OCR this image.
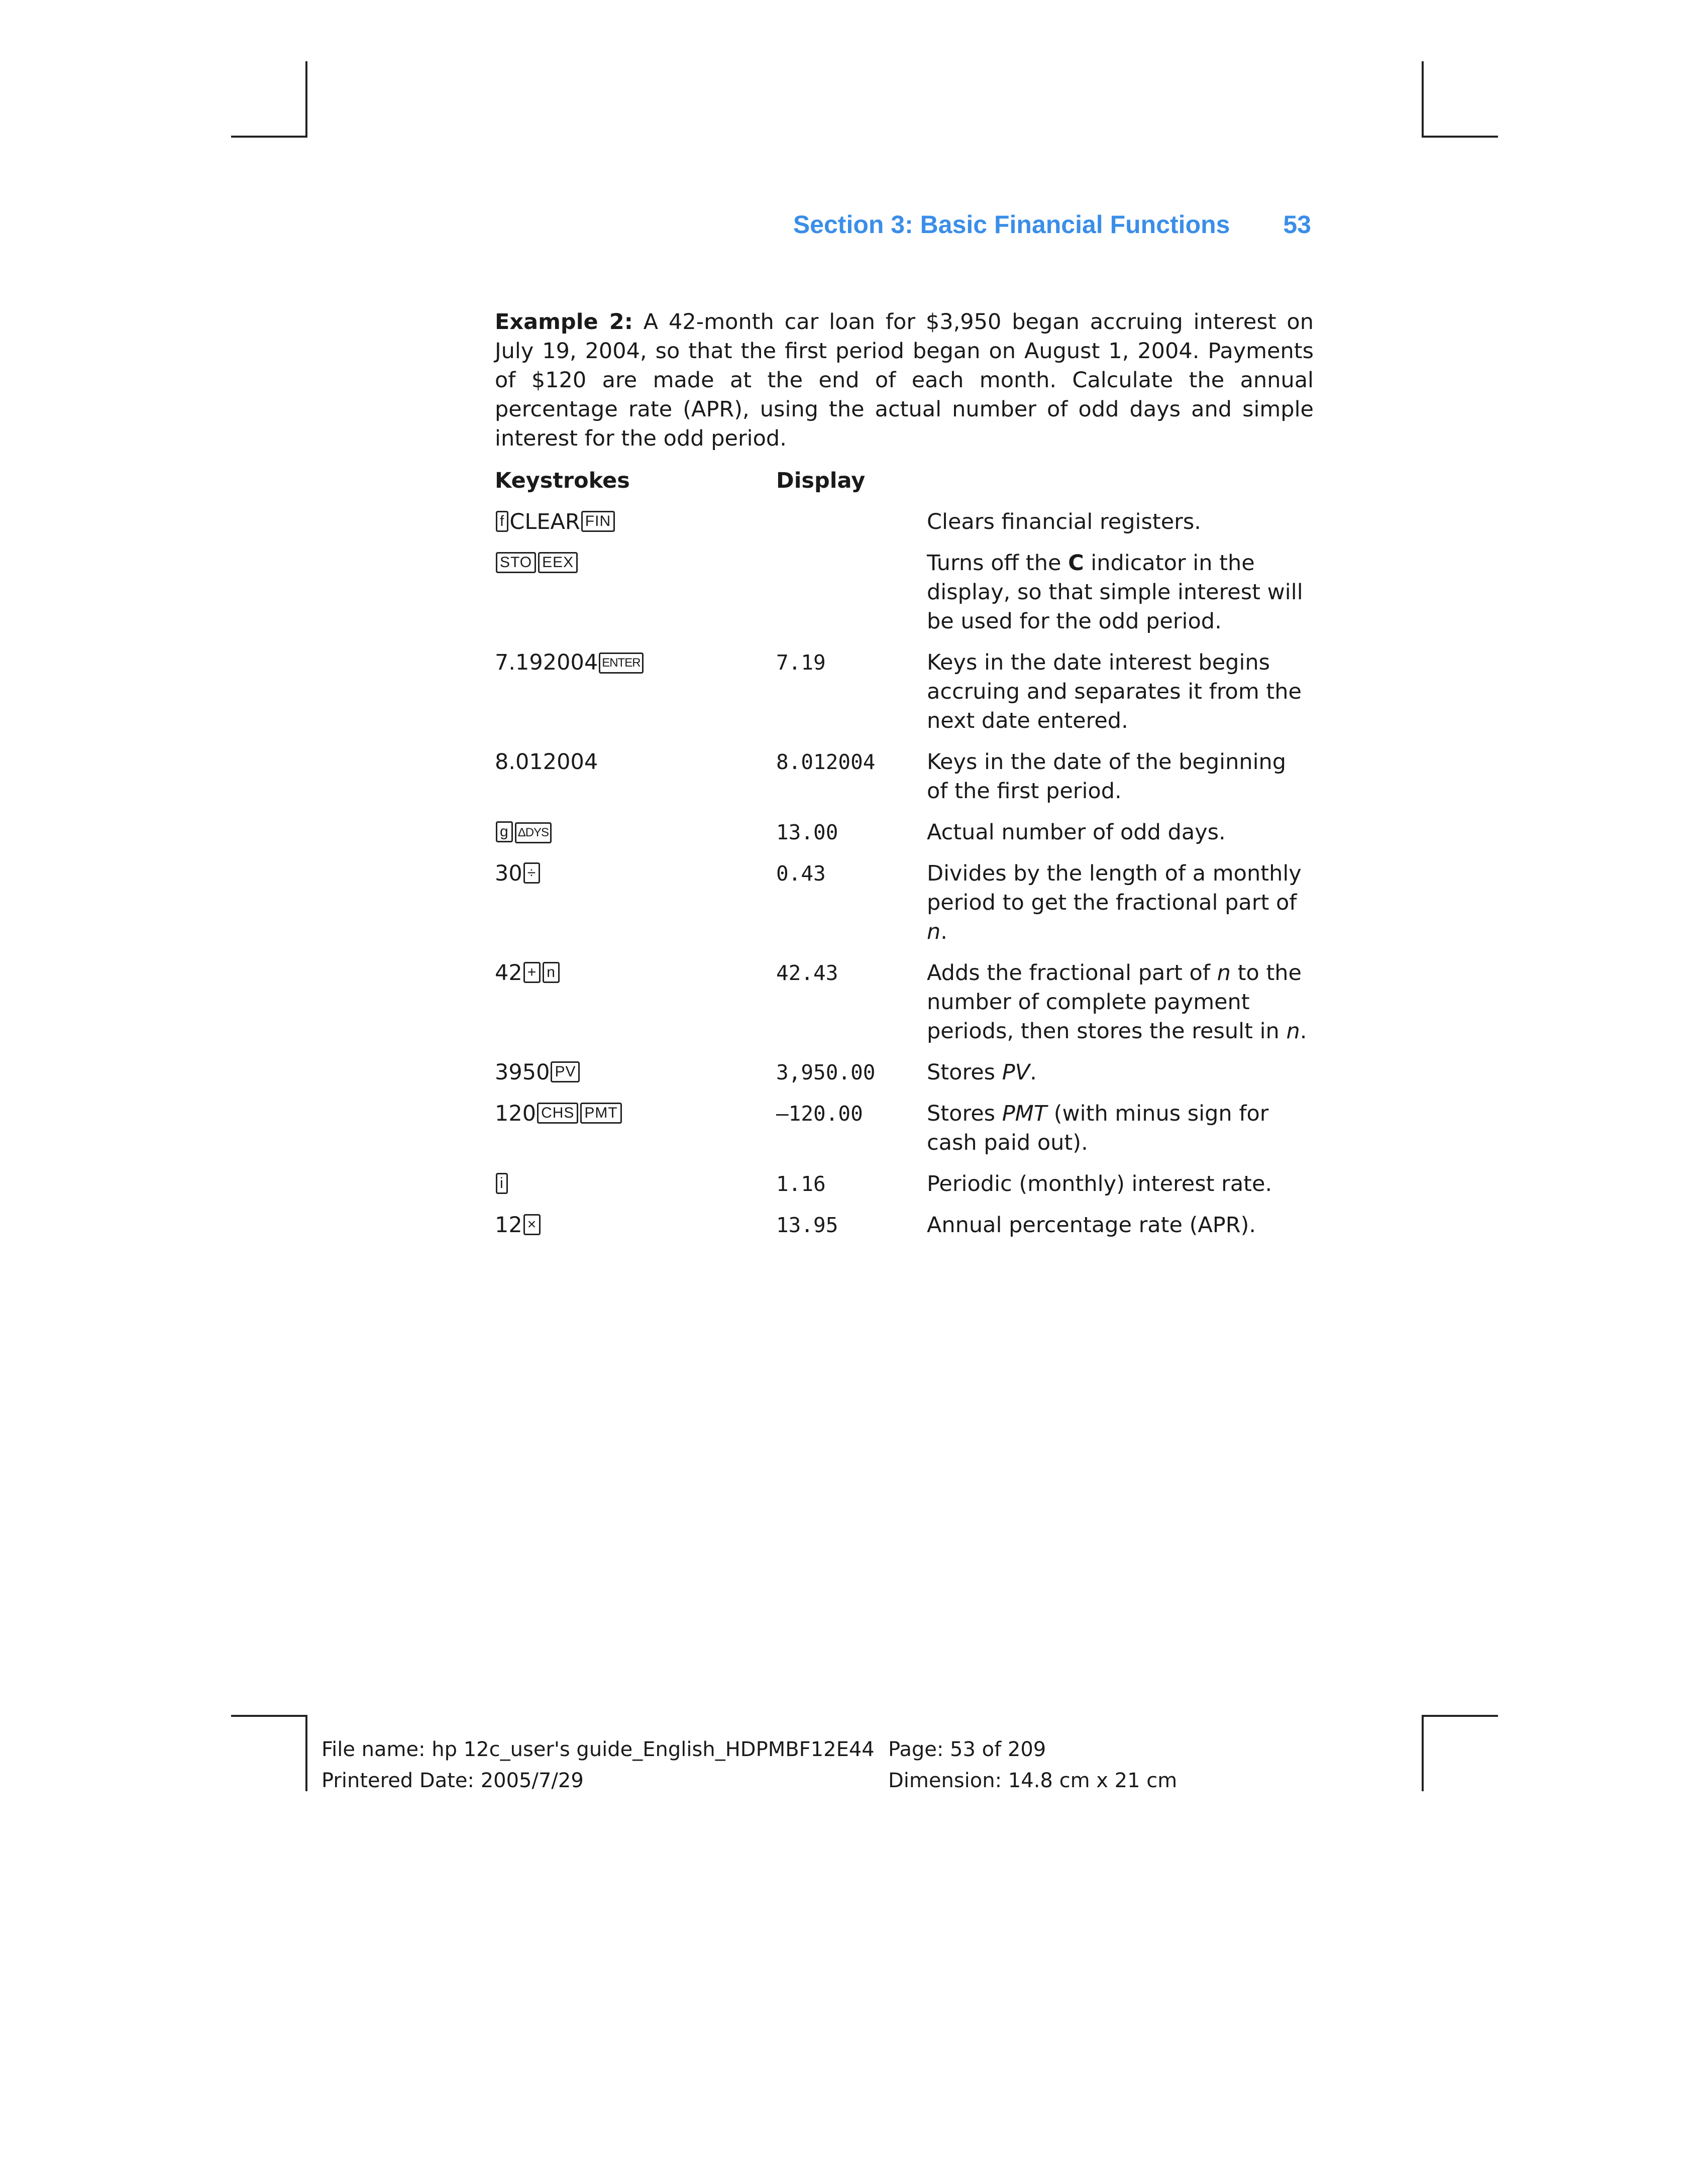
Section 3: Basic Financial Functions 53

Example 2: A 42-month car loan for $3,950 began accruing interest on July 19, 2004, so that the first period began on August 1, 2004. Payments of $120 are made at the end of each month. Calculate the annual percentage rate (APR), using the actual number of odd days and simple interest for the odd period.

Keystrokes	Display	
f CLEAR FIN		Clears financial registers.
STO EEX		Turns off the C indicator in the display, so that simple interest will be used for the odd period.
7.192004 ENTER	7.19	Keys in the date interest begins accruing and separates it from the next date entered.
8.012004	8.012004	Keys in the date of the beginning of the first period.
g ΔDYS	13.00	Actual number of odd days.
30 ÷	0.43	Divides by the length of a monthly period to get the fractional part of n.
42 + n	42.43	Adds the fractional part of n to the number of complete payment periods, then stores the result in n.
3950 PV	3,950.00	Stores PV.
120 CHS PMT	–120.00	Stores PMT (with minus sign for cash paid out).
i	1.16	Periodic (monthly) interest rate.
12 ×	13.95	Annual percentage rate (APR).
File name: hp 12c_user's guide_English_HDPMBF12E44
Printered Date: 2005/7/29
Page: 53 of 209
Dimension: 14.8 cm x 21 cm
